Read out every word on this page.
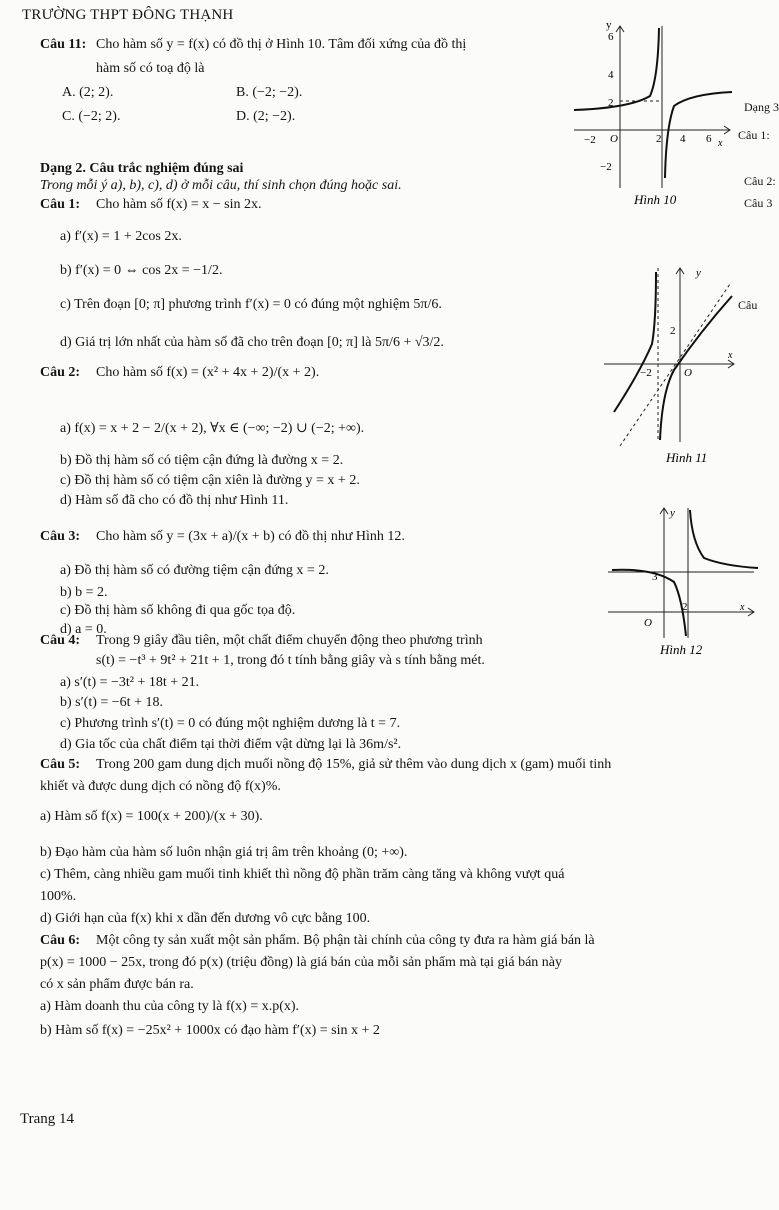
TRƯỜNG THPT ĐÔNG THẠNH
Câu 11: Cho hàm số y = f(x) có đồ thị ở Hình 10. Tâm đối xứng của đồ thị
hàm số có toạ độ là
A. (2; 2).	B. (−2; −2).
C. (−2; 2).	D. (2; −2).
y
6
4
2
−2 O	2 4 6 x
−2
Hình 10
Dạng 3
Câu 1:
Câu 2:
Câu 3
Câu
Dạng 2. Câu trắc nghiệm đúng sai
Trong mỗi ý a), b), c), d) ở mỗi câu, thí sinh chọn đúng hoặc sai.
Câu 1: Cho hàm số f(x) = x − sin 2x.
a) f′(x) = 1 + 2cos 2x.
b) f′(x) = 0 ⇔ cos 2x = −1/2.
c) Trên đoạn [0; π] phương trình f′(x) = 0 có đúng một nghiệm 5π/6.
d) Giá trị lớn nhất của hàm số đã cho trên đoạn [0; π] là 5π/6 + √3/2.
y
2
x
−2	O
Hình 11
Câu 2: Cho hàm số f(x) = (x² + 4x + 2)/(x + 2).
a) f(x) = x + 2 − 2/(x + 2), ∀x ∈ (−∞; −2) ∪ (−2; +∞).
b) Đồ thị hàm số có tiệm cận đứng là đường x = 2.
c) Đồ thị hàm số có tiệm cận xiên là đường y = x + 2.
d) Hàm số đã cho có đồ thị như Hình 11.
Câu 3: Cho hàm số y = (3x + a)/(x + b) có đồ thị như Hình 12.
a) Đồ thị hàm số có đường tiệm cận đứng x = 2.
b) b = 2.
c) Đồ thị hàm số không đi qua gốc tọa độ.
d) a = 0.
y
3
O
2	x
Hình 12
Câu 4: Trong 9 giây đầu tiên, một chất điểm chuyển động theo phương trình
s(t) = −t³ + 9t² + 21t + 1, trong đó t tính bằng giây và s tính bằng mét.
a) s′(t) = −3t² + 18t + 21.
b) s′(t) = −6t + 18.
c) Phương trình s′(t) = 0 có đúng một nghiệm dương là t = 7.
d) Gia tốc của chất điểm tại thời điểm vật dừng lại là 36m/s².
Câu 5: Trong 200 gam dung dịch muối nồng độ 15%, giả sử thêm vào dung dịch x (gam) muối tinh
khiết và được dung dịch có nồng độ f(x)%.
a) Hàm số f(x) = 100(x + 200)/(x + 30).
b) Đạo hàm của hàm số luôn nhận giá trị âm trên khoảng (0; +∞).
c) Thêm, càng nhiều gam muối tinh khiết thì nồng độ phần trăm càng tăng và không vượt quá
100%.
d) Giới hạn của f(x) khi x dần đến dương vô cực bằng 100.
Câu 6: Một công ty sản xuất một sản phẩm. Bộ phận tài chính của công ty đưa ra hàm giá bán là
p(x) = 1000 − 25x, trong đó p(x) (triệu đồng) là giá bán của mỗi sản phẩm mà tại giá bán này
có x sản phẩm được bán ra.
a) Hàm doanh thu của công ty là f(x) = x.p(x).
b) Hàm số f(x) = −25x² + 1000x có đạo hàm f′(x) = sin x + 2
Trang 14
